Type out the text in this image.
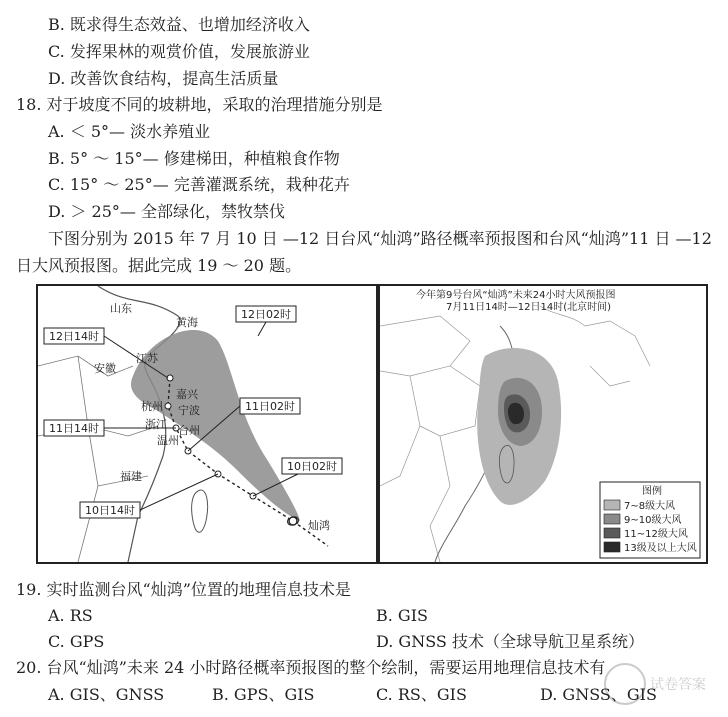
B. 既求得生态效益、也增加经济收入
C. 发挥果林的观赏价值，发展旅游业
D. 改善饮食结构，提高生活质量
18. 对于坡度不同的坡耕地，采取的治理措施分别是
A. ＜ 5°— 淡水养殖业
B. 5° ～ 15°— 修建梯田，种植粮食作物
C. 15° ～ 25°— 完善灌溉系统，栽种花卉
D. ＞ 25°— 全部绿化，禁牧禁伐
下图分别为 2015 年 7 月 10 日 —12 日台风“灿鸿”路径概率预报图和台风“灿鸿”11 日 —12
日大风预报图。据此完成 19 ～ 20 题。
山东
黄海
江苏
安徽
嘉兴
杭州 宁波
浙江 台州
温州
福建
12日02时
12日14时
11日02时
11日14时
10日02时
10日14时
灿鸿
今年第9号台风“灿鸿”未来24小时大风预报图
7月11日14时—12日14时(北京时间)
图例
7~8级大风
9~10级大风
11~12级大风
13级及以上大风
19. 实时监测台风“灿鸿”位置的地理信息技术是
A. RS	B. GIS
C. GPS	D. GNSS 技术（全球导航卫星系统）
20. 台风“灿鸿”未来 24 小时路径概率预报图的整个绘制，需要运用地理信息技术有
A. GIS、GNSS	B. GPS、GIS	C. RS、GIS	D. GNSS、GIS
试卷答案
